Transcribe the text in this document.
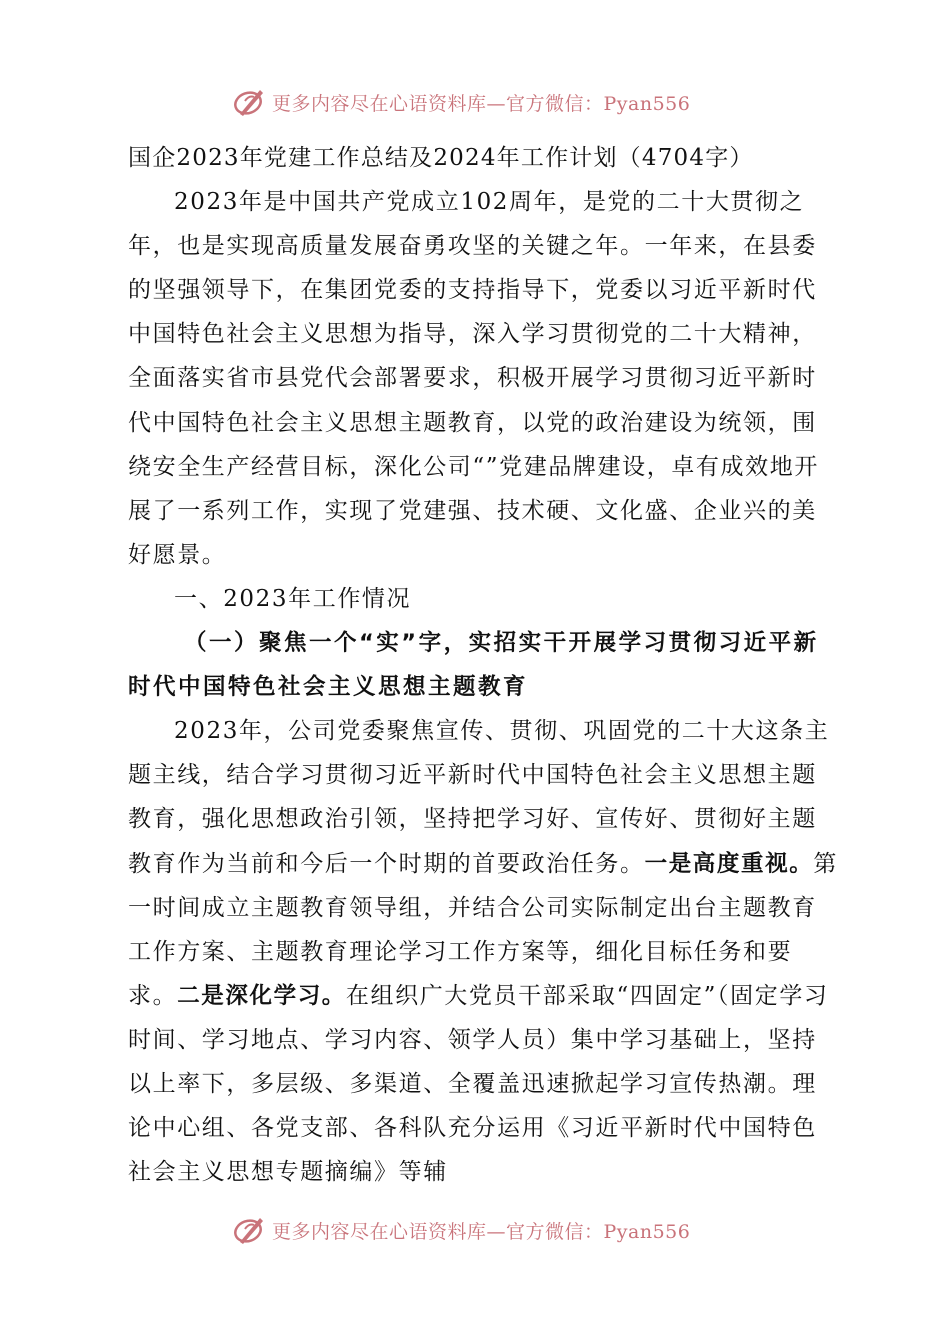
更多内容尽在心语资料库—官方微信：Pyan556

国企2023年党建工作总结及2024年工作计划（4704字）

2023年是中国共产党成立102周年，是党的二十大贯彻之年，也是实现高质量发展奋勇攻坚的关键之年。一年来，在县委的坚强领导下，在集团党委的支持指导下，党委以习近平新时代中国特色社会主义思想为指导，深入学习贯彻党的二十大精神，全面落实省市县党代会部署要求，积极开展学习贯彻习近平新时代中国特色社会主义思想主题教育，以党的政治建设为统领，围绕安全生产经营目标，深化公司“”党建品牌建设，卓有成效地开展了一系列工作，实现了党建强、技术硬、文化盛、企业兴的美好愿景。

一、2023年工作情况

（一）聚焦一个“实”字，实招实干开展学习贯彻习近平新时代中国特色社会主义思想主题教育

2023年，公司党委聚焦宣传、贯彻、巩固党的二十大这条主题主线，结合学习贯彻习近平新时代中国特色社会主义思想主题教育，强化思想政治引领，坚持把学习好、宣传好、贯彻好主题教育作为当前和今后一个时期的首要政治任务。一是高度重视。第一时间成立主题教育领导组，并结合公司实际制定出台主题教育工作方案、主题教育理论学习工作方案等，细化目标任务和要求。二是深化学习。在组织广大党员干部采取“四固定”（固定学习时间、学习地点、学习内容、领学人员）集中学习基础上，坚持以上率下，多层级、多渠道、全覆盖迅速掀起学习宣传热潮。理论中心组、各党支部、各科队充分运用《习近平新时代中国特色社会主义思想专题摘编》等辅

更多内容尽在心语资料库—官方微信：Pyan556
